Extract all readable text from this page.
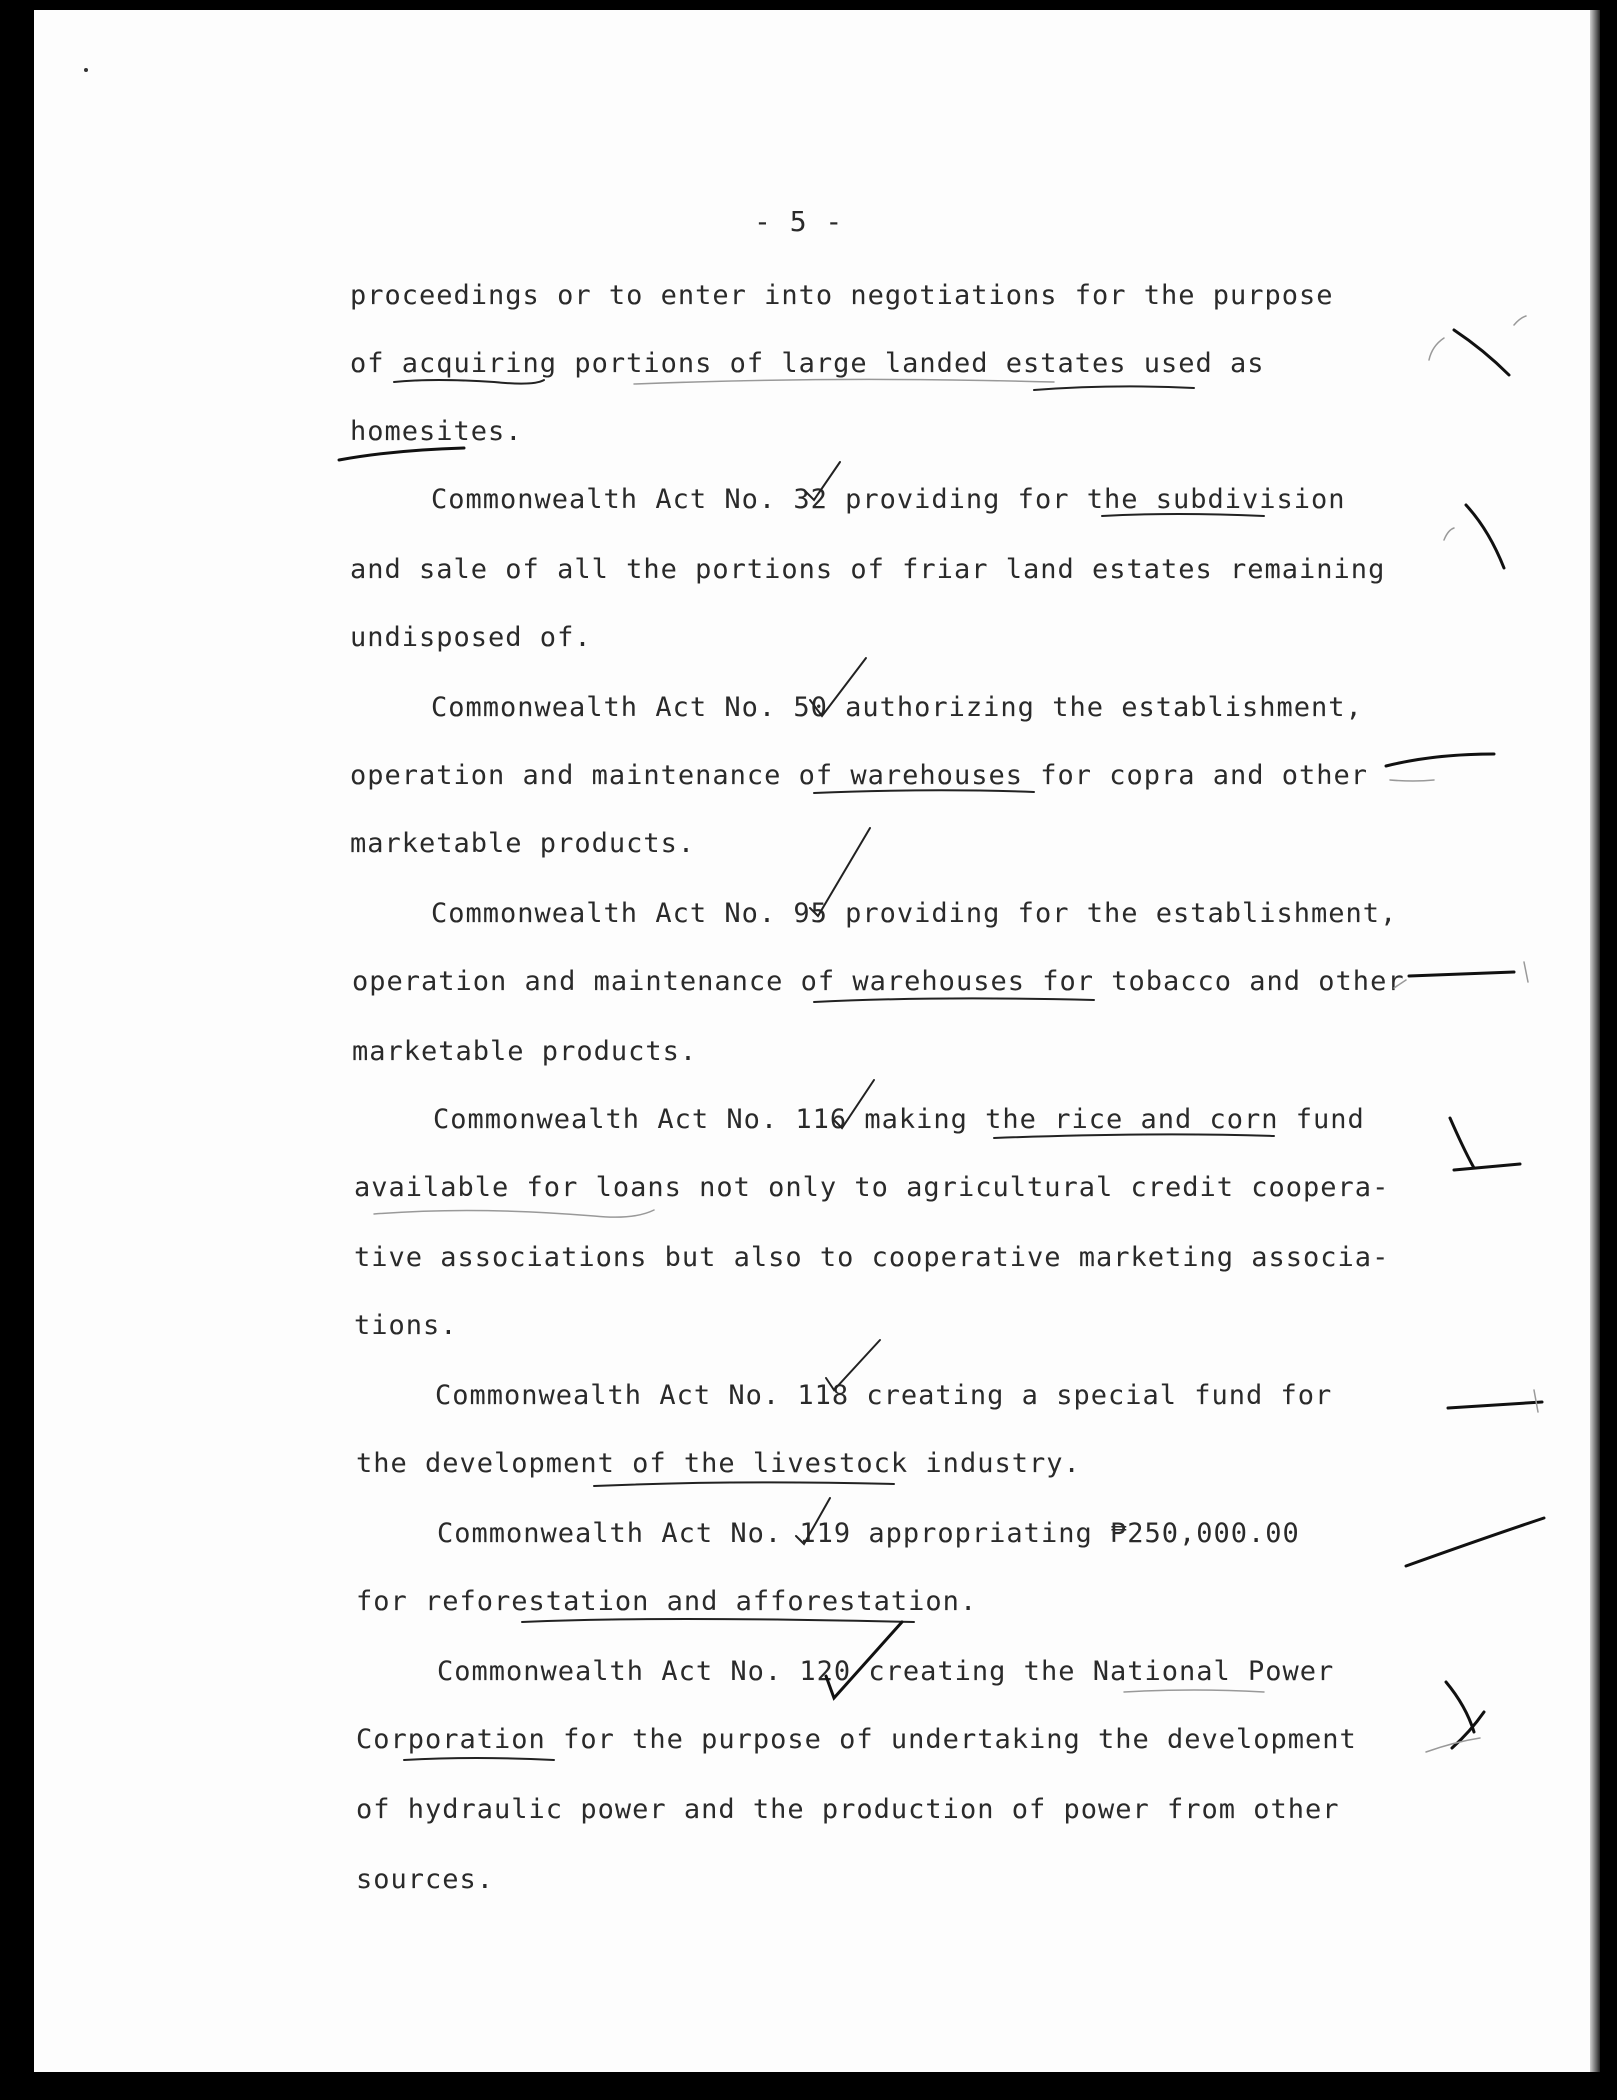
- 5 -

proceedings or to enter into negotiations for the purpose

of acquiring portions of large landed estates used as

homesites.

Commonwealth Act No. 32 providing for the subdivision

and sale of all the portions of friar land estates remaining

undisposed of.

Commonwealth Act No. 50 authorizing the establishment,

operation and maintenance of warehouses for copra and other

marketable products.

Commonwealth Act No. 95 providing for the establishment,

operation and maintenance of warehouses for tobacco and other

marketable products.

Commonwealth Act No. 116 making the rice and corn fund

available for loans not only to agricultural credit coopera-

tive associations but also to cooperative marketing associa-

tions.

Commonwealth Act No. 118 creating a special fund for

the development of the livestock industry.

Commonwealth Act No. 119 appropriating ₱250,000.00

for reforestation and afforestation.

Commonwealth Act No. 120 creating the National Power

Corporation for the purpose of undertaking the development

of hydraulic power and the production of power from other

sources.
